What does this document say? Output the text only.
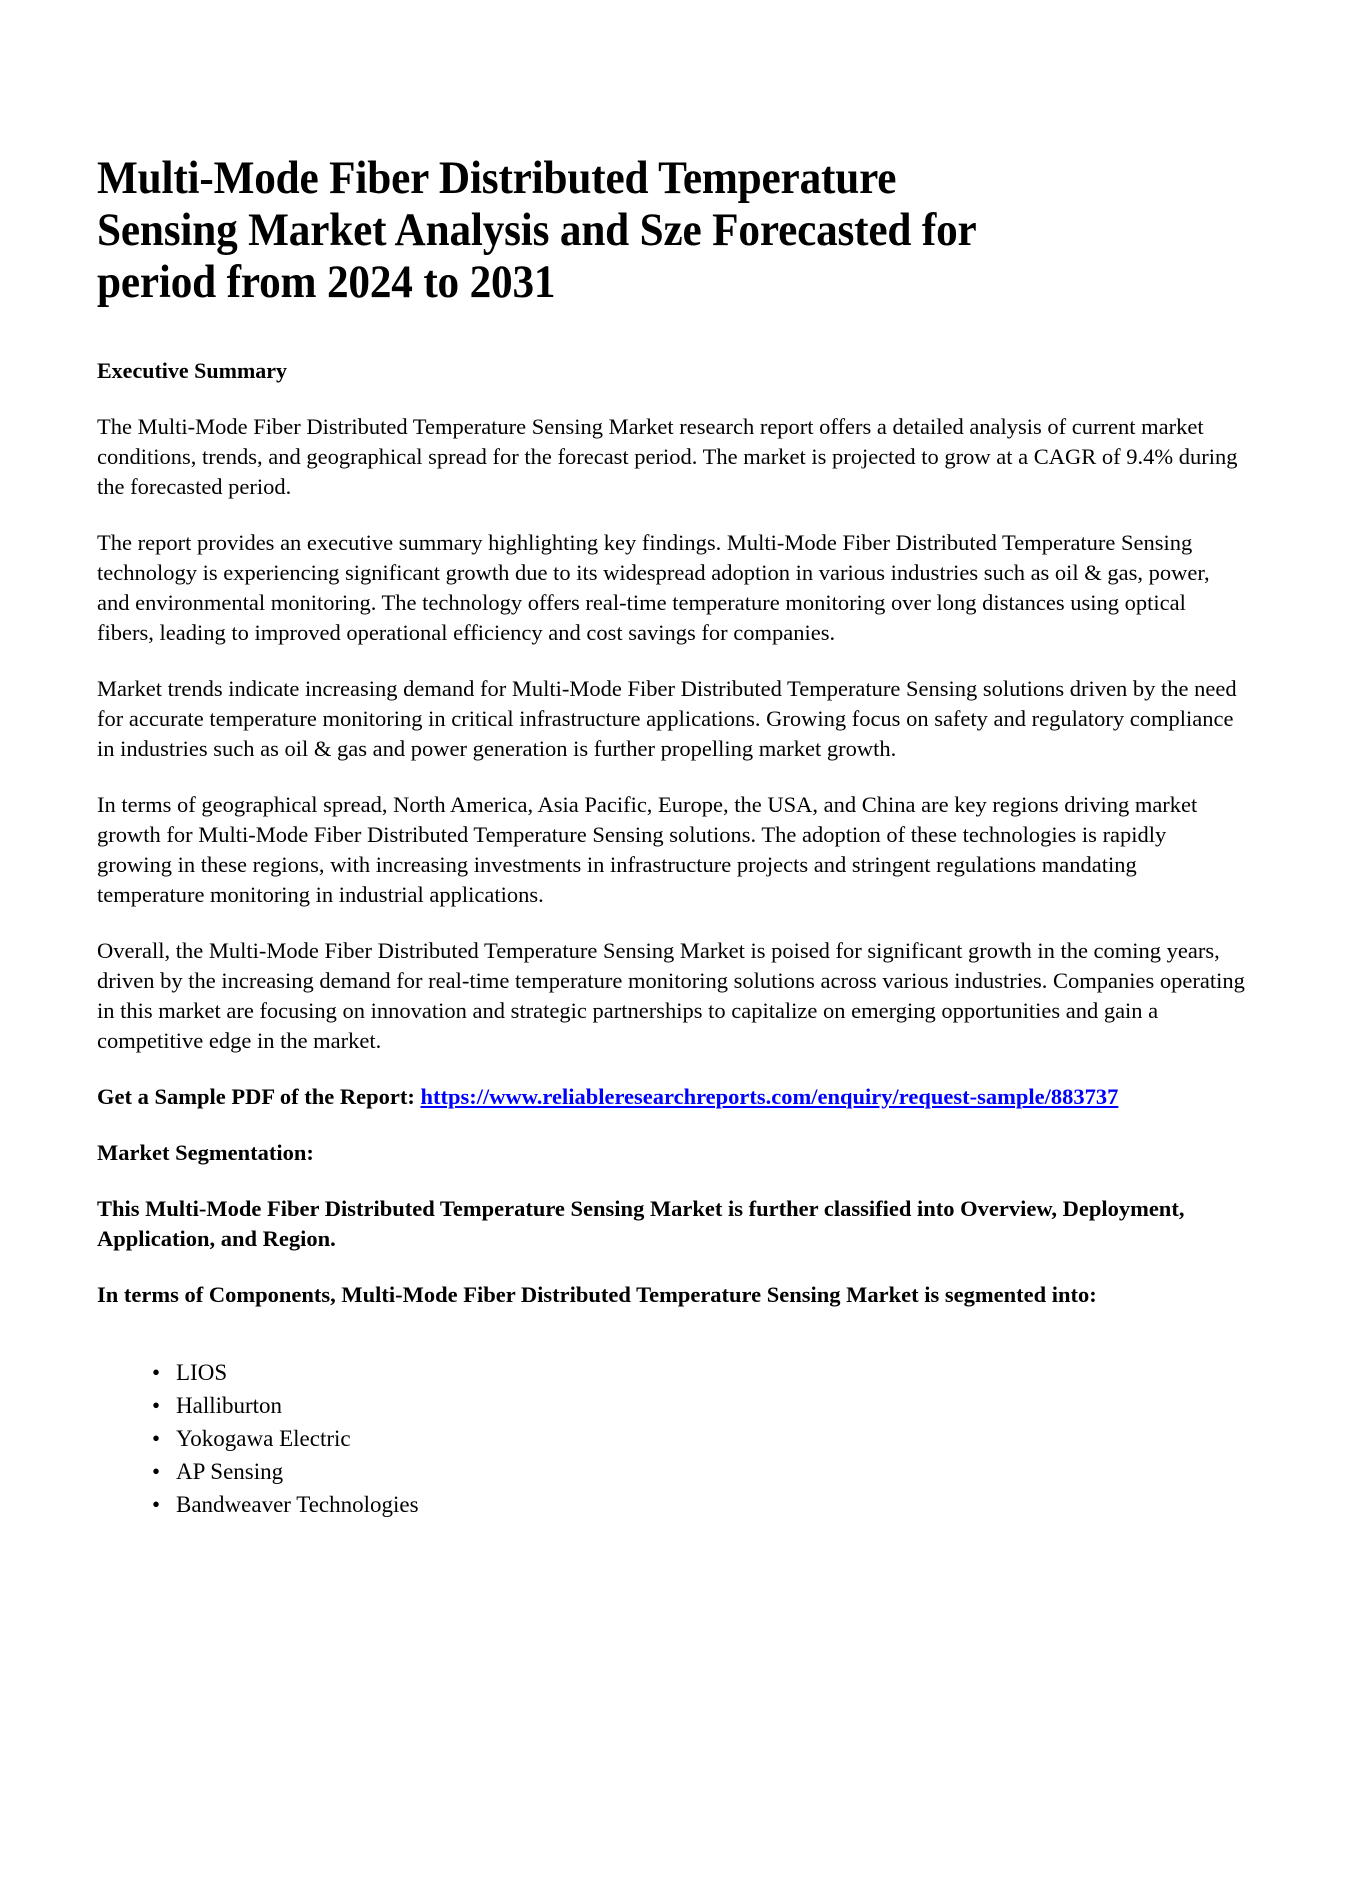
Multi-Mode Fiber Distributed Temperature Sensing Market Analysis and Sze Forecasted for period from 2024 to 2031
Executive Summary

The Multi-Mode Fiber Distributed Temperature Sensing Market research report offers a detailed analysis of current market conditions, trends, and geographical spread for the forecast period. The market is projected to grow at a CAGR of 9.4% during the forecasted period.

The report provides an executive summary highlighting key findings. Multi-Mode Fiber Distributed Temperature Sensing technology is experiencing significant growth due to its widespread adoption in various industries such as oil & gas, power, and environmental monitoring. The technology offers real-time temperature monitoring over long distances using optical fibers, leading to improved operational efficiency and cost savings for companies.

Market trends indicate increasing demand for Multi-Mode Fiber Distributed Temperature Sensing solutions driven by the need for accurate temperature monitoring in critical infrastructure applications. Growing focus on safety and regulatory compliance in industries such as oil & gas and power generation is further propelling market growth.

In terms of geographical spread, North America, Asia Pacific, Europe, the USA, and China are key regions driving market growth for Multi-Mode Fiber Distributed Temperature Sensing solutions. The adoption of these technologies is rapidly growing in these regions, with increasing investments in infrastructure projects and stringent regulations mandating temperature monitoring in industrial applications.

Overall, the Multi-Mode Fiber Distributed Temperature Sensing Market is poised for significant growth in the coming years, driven by the increasing demand for real-time temperature monitoring solutions across various industries. Companies operating in this market are focusing on innovation and strategic partnerships to capitalize on emerging opportunities and gain a competitive edge in the market.

Get a Sample PDF of the Report: https://www.reliableresearchreports.com/enquiry/request-sample/883737

Market Segmentation:

This Multi-Mode Fiber Distributed Temperature Sensing Market is further classified into Overview, Deployment, Application, and Region.

In terms of Components, Multi-Mode Fiber Distributed Temperature Sensing Market is segmented into:

• LIOS
• Halliburton
• Yokogawa Electric
• AP Sensing
• Bandweaver Technologies
